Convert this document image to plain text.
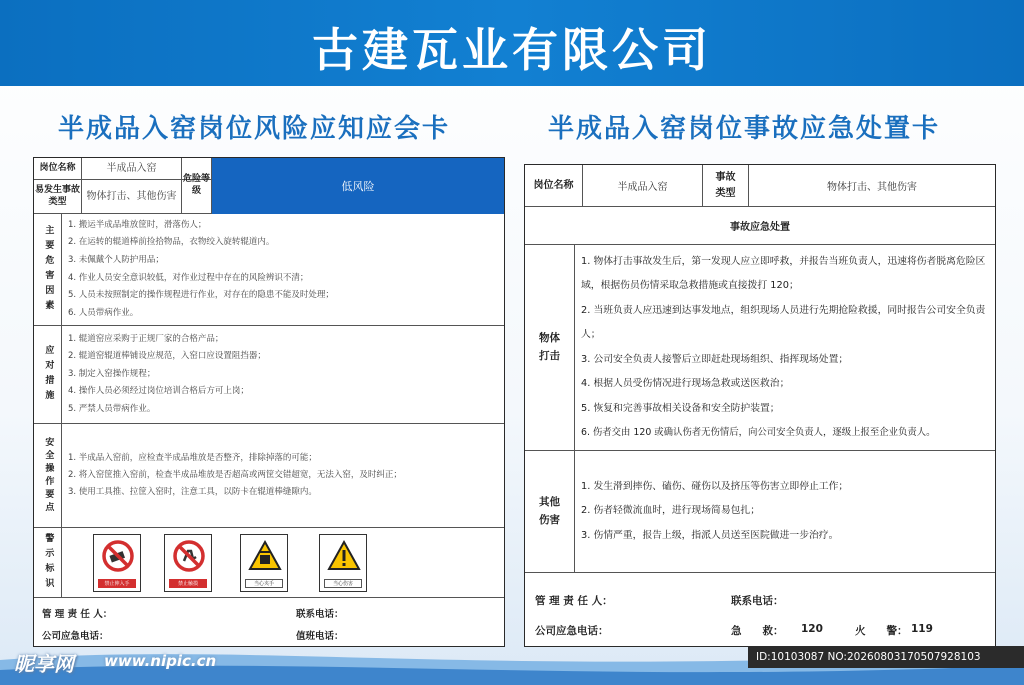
古建瓦业有限公司
半成品入窑岗位风险应知应会卡	半成品入窑岗位事故应急处置卡
岗位名称	半成品入窑
易发生事故类型	物体打击、其他伤害
危险等级	低风险
主要危害因素 1. 搬运半成品堆放筐时，滑落伤人；
2. 在运转的辊道棒前捡拾物品，衣物绞入旋转辊道内。
3. 未佩戴个人防护用品；
4. 作业人员安全意识较低，对作业过程中存在的风险辨识不清；
5. 人员未按照制定的操作规程进行作业，对存在的隐患不能及时处理；
6. 人员带病作业。
应对措施
1. 辊道窑应采购于正规厂家的合格产品；
2. 辊道窑辊道棒铺设应规范，入窑口应设置阻挡器；
3. 制定入窑操作规程；
4. 操作人员必须经过岗位培训合格后方可上岗；
5. 严禁人员带病作业。
安全操作要点 1. 半成品入窑前，应检查半成品堆放是否整齐，排除掉落的可能；
2. 将入窑筐推入窑前，检查半成品堆放是否超高或两筐交错超宽，无法入窑，及时纠正；
3. 使用工具推、拉筐入窑时，注意工具，以防卡在辊道棒缝隙内。
警示标识	禁止伸入手	禁止触摸	当心夹手	当心伤害
管 理 责 任 人：	联系电话：
公司应急电话：	值班电话：
岗位名称	半成品入窑
事故类型	物体打击、其他伤害
事故应急处置
物体打击
1. 物体打击事故发生后，第一发现人应立即呼救，并报告当班负责人，迅速将伤者脱离危险区域，根据伤员伤情采取急救措施或直接拨打 120；
2. 当班负责人应迅速到达事发地点，组织现场人员进行先期抢险救援，同时报告公司安全负责人；
3. 公司安全负责人接警后立即赶赴现场组织、指挥现场处置；
4. 根据人员受伤情况进行现场急救或送医救治；
5. 恢复和完善事故相关设备和安全防护装置；
6. 伤者交由 120 或确认伤者无伤情后，向公司安全负责人，逐级上报至企业负责人。
其他伤害
1. 发生滑到摔伤、磕伤、碰伤以及挤压等伤害立即停止工作；
2. 伤者轻微流血时，进行现场简易包扎；
3. 伤情严重，报告上级，指派人员送至医院做进一步治疗。
管 理 责 任 人：	联系电话：
公司应急电话：	急　　救： 120	火　　警： 119
昵享网 www.nipic.cn	ID:10103087 NO:20260803170507928103
